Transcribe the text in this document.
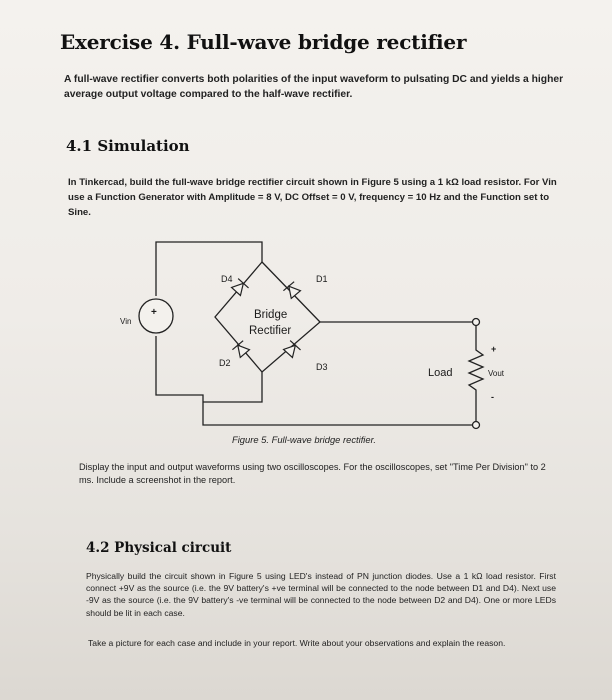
Exercise 4. Full-wave bridge rectifier
A full-wave rectifier converts both polarities of the input waveform to pulsating DC and yields a higher average output voltage compared to the half-wave rectifier.
4.1 Simulation
In Tinkercad, build the full-wave bridge rectifier circuit shown in Figure 5 using a 1 kΩ load resistor. For Vin use a Function Generator with Amplitude = 8 V, DC Offset = 0 V, frequency = 10 Hz and the Function set to Sine.
D4	D1
D2	D3
Bridge
Rectifier
Vin
+
Load
+
Vout
-
Figure 5. Full-wave bridge rectifier.
Display the input and output waveforms using two oscilloscopes. For the oscilloscopes, set "Time Per Division" to 2 ms. Include a screenshot in the report.
4.2 Physical circuit
Physically build the circuit shown in Figure 5 using LED's instead of PN junction diodes. Use a 1 kΩ load resistor. First connect +9V as the source (i.e. the 9V battery's +ve terminal will be connected to the node between D1 and D4). Next use -9V as the source (i.e. the 9V battery's -ve terminal will be connected to the node between D2 and D4). One or more LEDs should be lit in each case.
Take a picture for each case and include in your report. Write about your observations and explain the reason.
